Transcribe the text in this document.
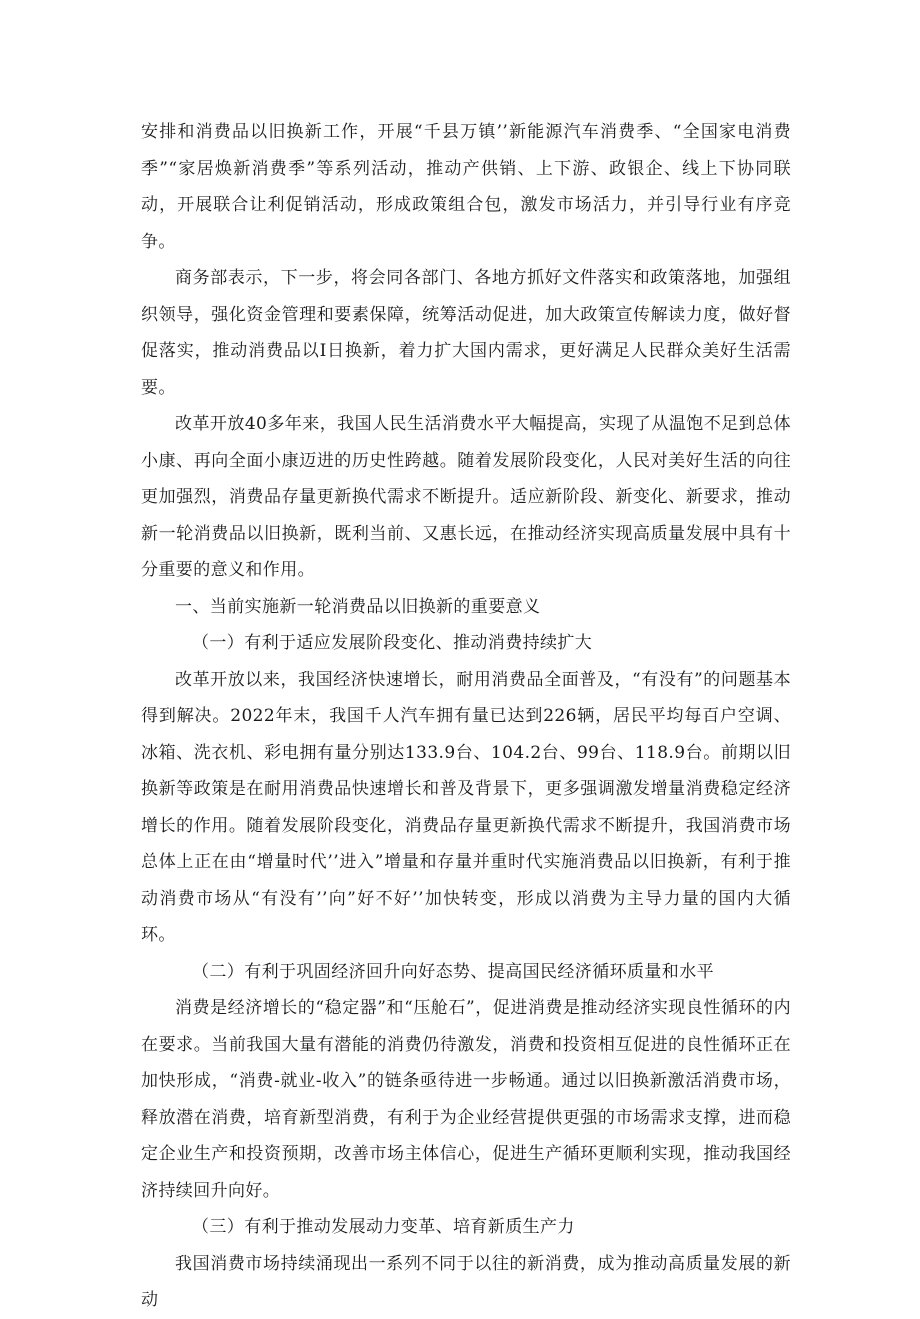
安排和消费品以旧换新工作，开展“千县万镇’’新能源汽车消费季、“全国家电消费季”“家居焕新消费季”等系列活动，推动产供销、上下游、政银企、线上下协同联动，开展联合让利促销活动，形成政策组合包，激发市场活力，并引导行业有序竞争。

商务部表示，下一步，将会同各部门、各地方抓好文件落实和政策落地，加强组织领导，强化资金管理和要素保障，统筹活动促进，加大政策宣传解读力度，做好督促落实，推动消费品以I日换新，着力扩大国内需求，更好满足人民群众美好生活需要。

改革开放40多年来，我国人民生活消费水平大幅提高，实现了从温饱不足到总体小康、再向全面小康迈进的历史性跨越。随着发展阶段变化，人民对美好生活的向往更加强烈，消费品存量更新换代需求不断提升。适应新阶段、新变化、新要求，推动新一轮消费品以旧换新，既利当前、又惠长远，在推动经济实现高质量发展中具有十分重要的意义和作用。

一、当前实施新一轮消费品以旧换新的重要意义

（一）有利于适应发展阶段变化、推动消费持续扩大

改革开放以来，我国经济快速增长，耐用消费品全面普及，“有没有”的问题基本得到解决。2022年末，我国千人汽车拥有量已达到226辆，居民平均每百户空调、冰箱、洗衣机、彩电拥有量分别达133.9台、104.2台、99台、118.9台。前期以旧换新等政策是在耐用消费品快速增长和普及背景下，更多强调激发增量消费稳定经济增长的作用。随着发展阶段变化，消费品存量更新换代需求不断提升，我国消费市场总体上正在由“增量时代’’进入”增量和存量并重时代实施消费品以旧换新，有利于推动消费市场从“有没有’’向”好不好’’加快转变，形成以消费为主导力量的国内大循环。

（二）有利于巩固经济回升向好态势、提高国民经济循环质量和水平

消费是经济增长的“稳定器”和“压舱石”，促进消费是推动经济实现良性循环的内在要求。当前我国大量有潜能的消费仍待激发，消费和投资相互促进的良性循环正在加快形成，“消费-就业-收入”的链条亟待进一步畅通。通过以旧换新激活消费市场，释放潜在消费，培育新型消费，有利于为企业经营提供更强的市场需求支撑，进而稳定企业生产和投资预期，改善市场主体信心，促进生产循环更顺利实现，推动我国经济持续回升向好。

（三）有利于推动发展动力变革、培育新质生产力

我国消费市场持续涌现出一系列不同于以往的新消费，成为推动高质量发展的新动
